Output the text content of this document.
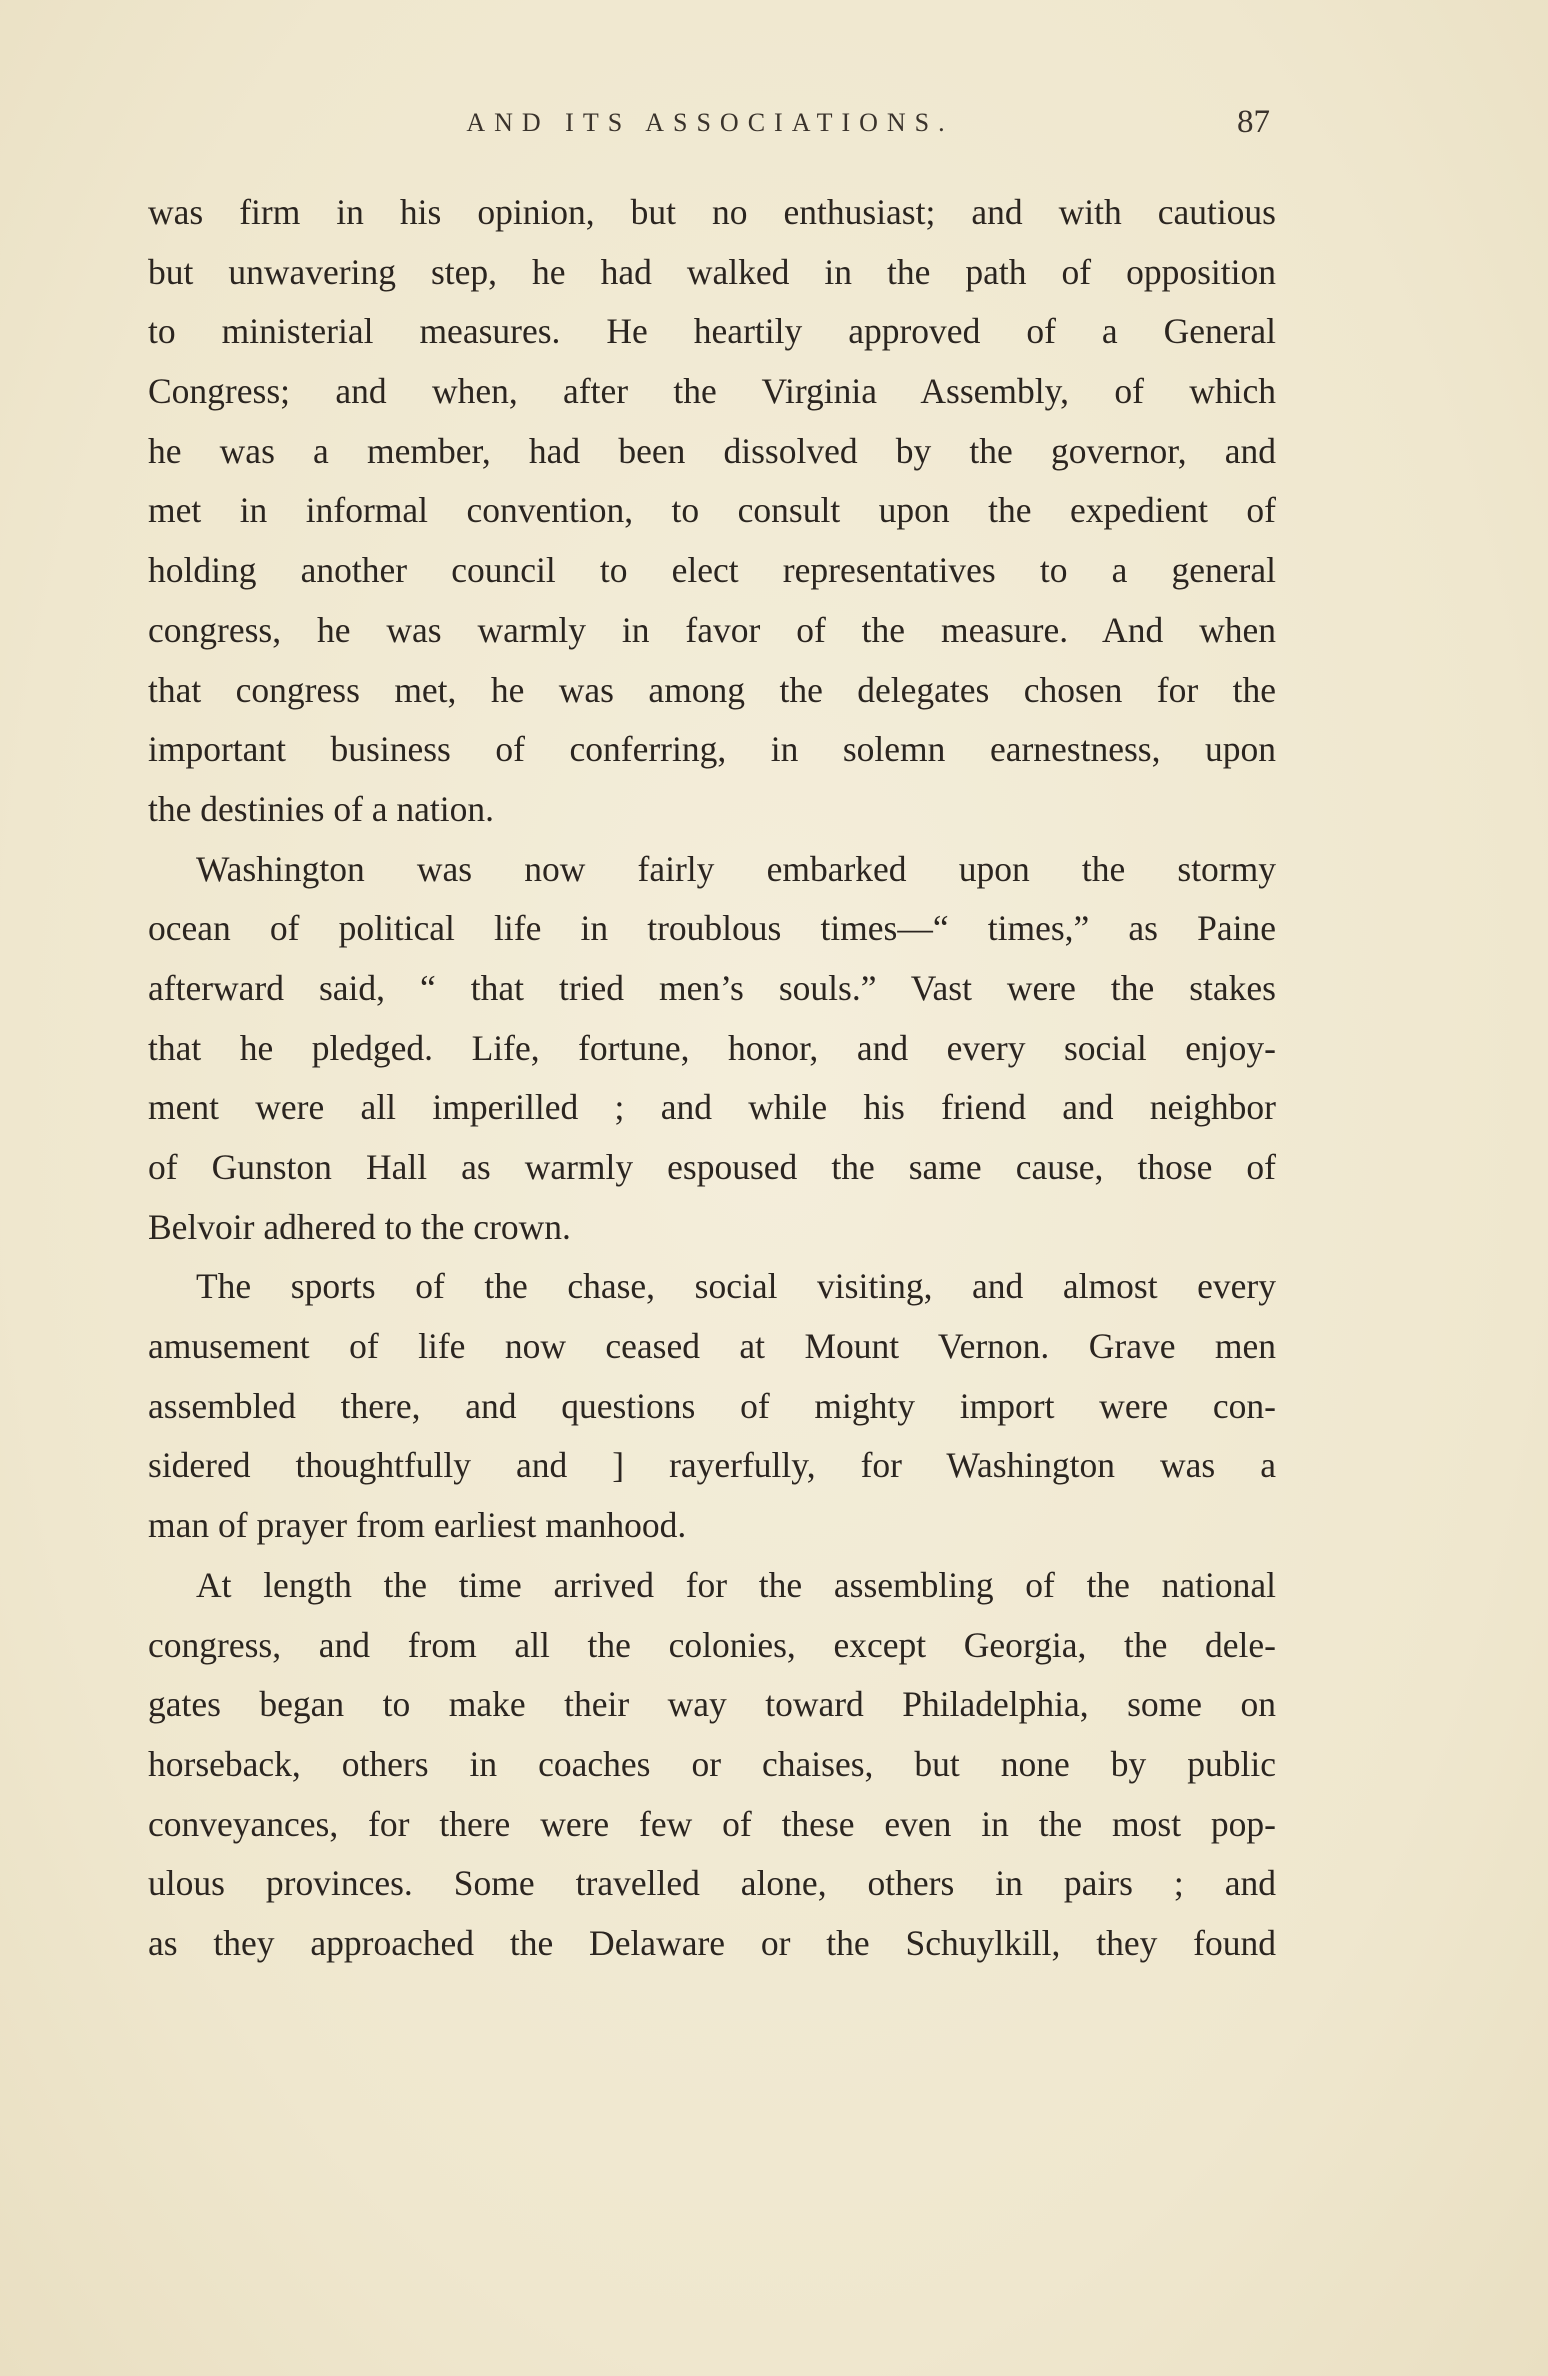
AND ITS ASSOCIATIONS.	87
was firm in his opinion, but no enthusiast; and with cautious
but unwavering step, he had walked in the path of opposition
to ministerial measures. He heartily approved of a General
Congress; and when, after the Virginia Assembly, of which
he was a member, had been dissolved by the governor, and
met in informal convention, to consult upon the expedient of
holding another council to elect representatives to a general
congress, he was warmly in favor of the measure. And when
that congress met, he was among the delegates chosen for the
important business of conferring, in solemn earnestness, upon
the destinies of a nation.
Washington was now fairly embarked upon the stormy
ocean of political life in troublous times—“ times,” as Paine
afterward said, “ that tried men’s souls.” Vast were the stakes
that he pledged. Life, fortune, honor, and every social enjoy-
ment were all imperilled ; and while his friend and neighbor
of Gunston Hall as warmly espoused the same cause, those of
Belvoir adhered to the crown.
The sports of the chase, social visiting, and almost every
amusement of life now ceased at Mount Vernon. Grave men
assembled there, and questions of mighty import were con-
sidered thoughtfully and ] rayerfully, for Washington was a
man of prayer from earliest manhood.
At length the time arrived for the assembling of the national
congress, and from all the colonies, except Georgia, the dele-
gates began to make their way toward Philadelphia, some on
horseback, others in coaches or chaises, but none by public
conveyances, for there were few of these even in the most pop-
ulous provinces. Some travelled alone, others in pairs ; and
as they approached the Delaware or the Schuylkill, they found
